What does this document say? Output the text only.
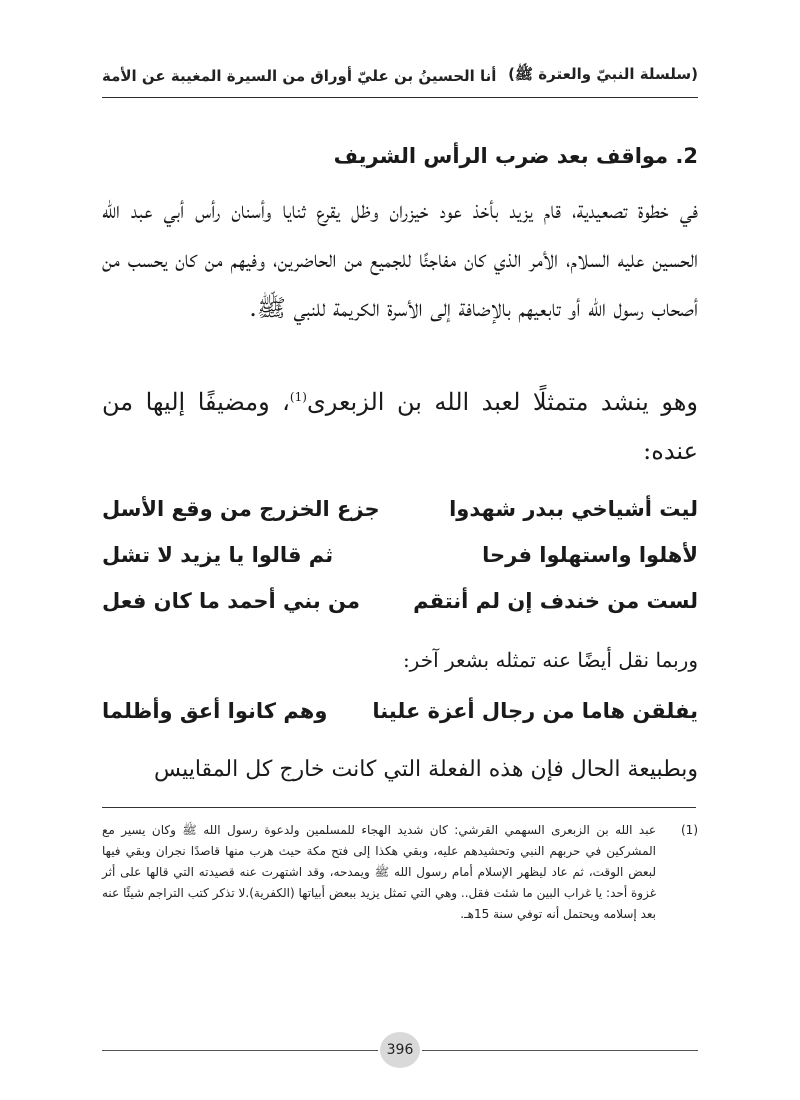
(سلسلة النبيّ والعترة ﷺ)
أنا الحسينُ بن عليّ أوراق من السيرة المغيبة عن الأمة
2. مواقف بعد ضرب الرأس الشريف
في خطوة تصعيدية، قام يزيد بأخذ عود خيزران وظل يقرع ثنايا وأسنان رأس أبي عبد الله الحسين عليه السلام، الأمر الذي كان مفاجئًا للجميع من الحاضرين، وفيهم من كان يحسب من أصحاب رسول الله أو تابعيهم بالإضافة إلى الأسرة الكريمة للنبي ﷺ.
وهو ينشد متمثلًا لعبد الله بن الزبعرى$^{(1)}$، ومضيفًا إليها من عنده:
ليت أشياخي ببدر شهدوا
جزع الخزرج من وقع الأسل
لأهلوا واستهلوا فرحا
ثم قالوا يا يزيد لا تشل
لست من خندف إن لم أنتقم
من بني أحمد ما كان فعل
وربما نقل أيضًا عنه تمثله بشعر آخر:
يفلقن هاما من رجال أعزة علينا
وهم كانوا أعق وأظلما
وبطبيعة الحال فإن هذه الفعلة التي كانت خارج كل المقاييس
(1)
عبد الله بن الزبعرى السهمي القرشي: كان شديد الهجاء للمسلمين ولدعوة رسول الله ﷺ وكان يسير مع المشركين في حربهم النبي وتحشيدهم عليه، وبقي هكذا إلى فتح مكة حيث هرب منها قاصدًا نجران وبقي فيها لبعض الوقت، ثم عاد ليظهر الإسلام أمام رسول الله ﷺ ويمدحه، وقد اشتهرت عنه قصيدته التي قالها على أثر غزوة أحد: يا غراب البين ما شئت فقل.. وهي التي تمثل يزيد ببعض أبياتها (الكفرية).لا تذكر كتب التراجم شيئًا عنه بعد إسلامه ويحتمل أنه توفي سنة 15هـ.
396
